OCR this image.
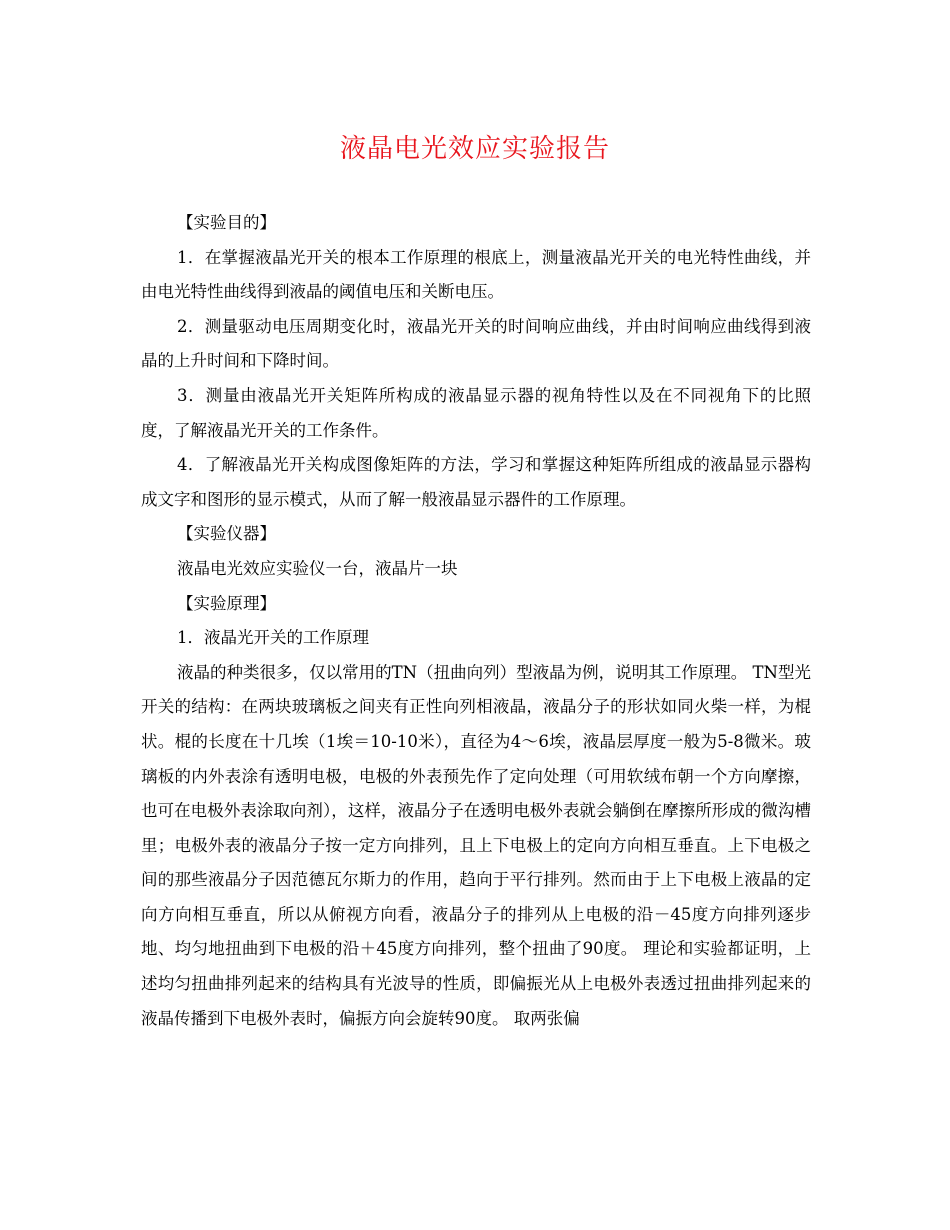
液晶电光效应实验报告

【实验目的】

1．在掌握液晶光开关的根本工作原理的根底上，测量液晶光开关的电光特性曲线，并由电光特性曲线得到液晶的阈值电压和关断电压。

2．测量驱动电压周期变化时，液晶光开关的时间响应曲线，并由时间响应曲线得到液晶的上升时间和下降时间。

3．测量由液晶光开关矩阵所构成的液晶显示器的视角特性以及在不同视角下的比照度，了解液晶光开关的工作条件。

4．了解液晶光开关构成图像矩阵的方法，学习和掌握这种矩阵所组成的液晶显示器构成文字和图形的显示模式，从而了解一般液晶显示器件的工作原理。

【实验仪器】

液晶电光效应实验仪一台，液晶片一块

【实验原理】

1．液晶光开关的工作原理

液晶的种类很多，仅以常用的TN（扭曲向列）型液晶为例，说明其工作原理。 TN型光开关的结构：在两块玻璃板之间夹有正性向列相液晶，液晶分子的形状如同火柴一样，为棍状。棍的长度在十几埃（1埃＝10-10米），直径为4～6埃，液晶层厚度一般为5-8微米。玻璃板的内外表涂有透明电极，电极的外表预先作了定向处理（可用软绒布朝一个方向摩擦，也可在电极外表涂取向剂），这样，液晶分子在透明电极外表就会躺倒在摩擦所形成的微沟槽里；电极外表的液晶分子按一定方向排列，且上下电极上的定向方向相互垂直。上下电极之间的那些液晶分子因范德瓦尔斯力的作用，趋向于平行排列。然而由于上下电极上液晶的定向方向相互垂直，所以从俯视方向看，液晶分子的排列从上电极的沿－45度方向排列逐步地、均匀地扭曲到下电极的沿＋45度方向排列，整个扭曲了90度。 理论和实验都证明，上述均匀扭曲排列起来的结构具有光波导的性质，即偏振光从上电极外表透过扭曲排列起来的液晶传播到下电极外表时，偏振方向会旋转90度。 取两张偏
